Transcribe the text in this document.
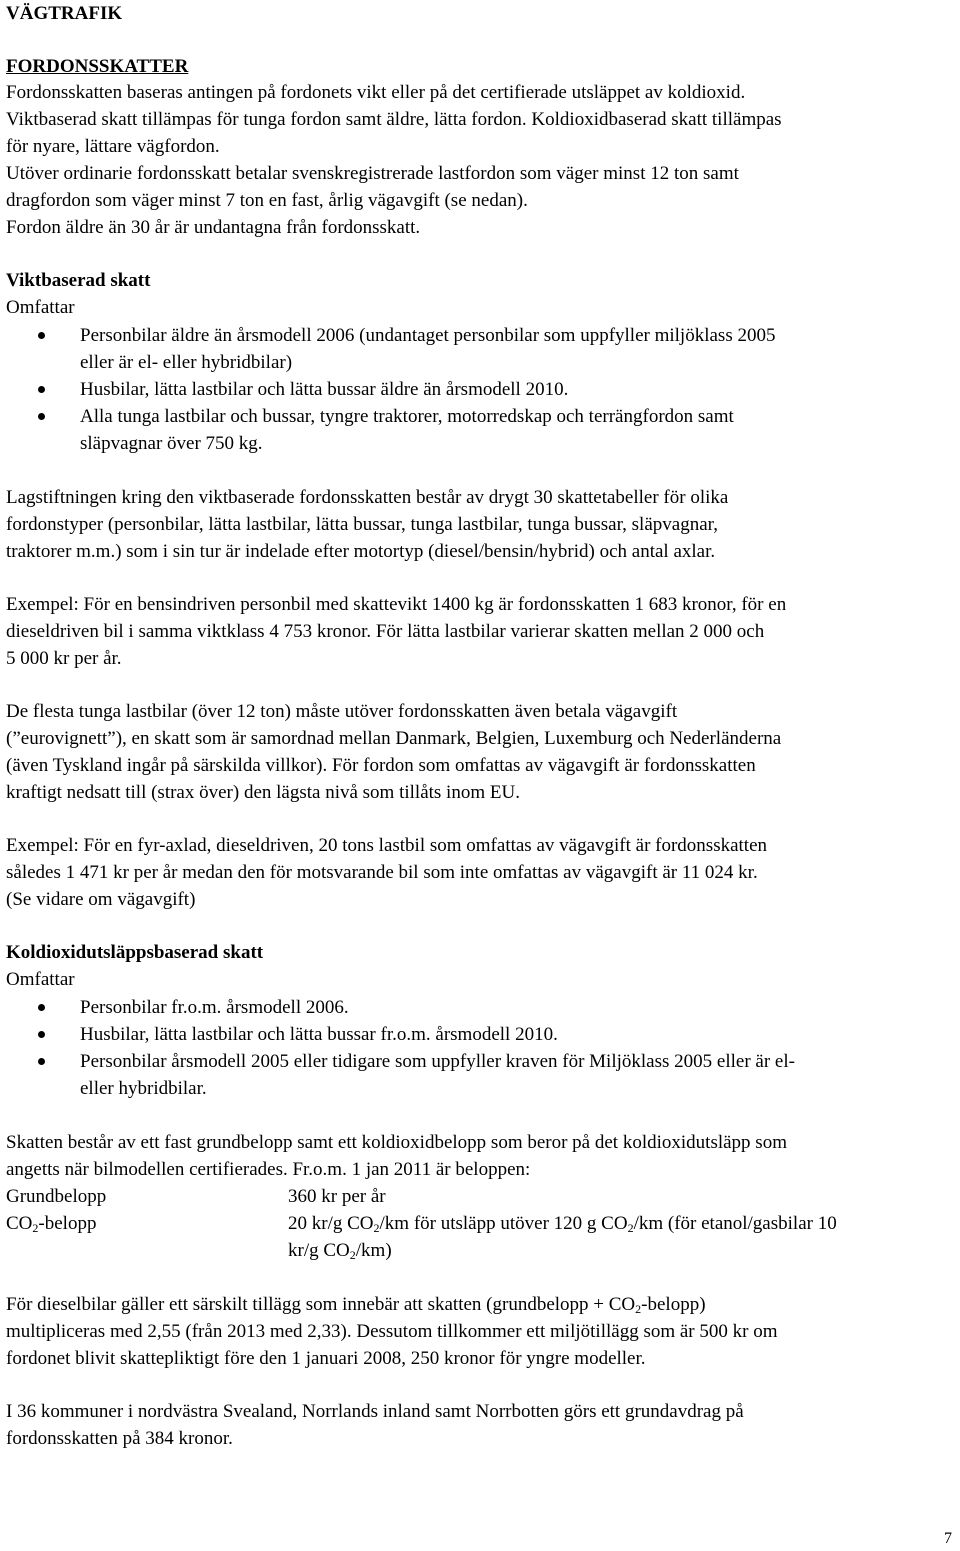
VÄGTRAFIK
FORDONSSKATTER
Fordonsskatten baseras antingen på fordonets vikt eller på det certifierade utsläppet av koldioxid.
Viktbaserad skatt tillämpas för tunga fordon samt äldre, lätta fordon. Koldioxidbaserad skatt tillämpas
för nyare, lättare vägfordon.
Utöver ordinarie fordonsskatt betalar svenskregistrerade lastfordon som väger minst 12 ton samt
dragfordon som väger minst 7 ton en fast, årlig vägavgift (se nedan).
Fordon äldre än 30 år är undantagna från fordonsskatt.
Viktbaserad skatt
Omfattar
Personbilar äldre än årsmodell 2006 (undantaget personbilar som uppfyller miljöklass 2005
eller är el- eller hybridbilar)
Husbilar, lätta lastbilar och lätta bussar äldre än årsmodell 2010.
Alla tunga lastbilar och bussar, tyngre traktorer, motorredskap och terrängfordon samt
släpvagnar över 750 kg.
Lagstiftningen kring den viktbaserade fordonsskatten består av drygt 30 skattetabeller för olika
fordonstyper (personbilar, lätta lastbilar, lätta bussar, tunga lastbilar, tunga bussar, släpvagnar,
traktorer m.m.) som i sin tur är indelade efter motortyp (diesel/bensin/hybrid) och antal axlar.
Exempel: För en bensindriven personbil med skattevikt 1400 kg är fordonsskatten 1 683 kronor, för en
dieseldriven bil i samma viktklass 4 753 kronor. För lätta lastbilar varierar skatten mellan 2 000 och
5 000 kr per år.
De flesta tunga lastbilar (över 12 ton) måste utöver fordonsskatten även betala vägavgift
(”eurovignett”), en skatt som är samordnad mellan Danmark, Belgien, Luxemburg och Nederländerna
(även Tyskland ingår på särskilda villkor). För fordon som omfattas av vägavgift är fordonsskatten
kraftigt nedsatt till (strax över) den lägsta nivå som tillåts inom EU.
Exempel: För en fyr-axlad, dieseldriven, 20 tons lastbil som omfattas av vägavgift är fordonsskatten
således 1 471 kr per år medan den för motsvarande bil som inte omfattas av vägavgift är 11 024 kr.
(Se vidare om vägavgift)
Koldioxidutsläppsbaserad skatt
Omfattar
Personbilar fr.o.m. årsmodell 2006.
Husbilar, lätta lastbilar och lätta bussar fr.o.m. årsmodell 2010.
Personbilar årsmodell 2005 eller tidigare som uppfyller kraven för Miljöklass 2005 eller är el-
eller hybridbilar.
Skatten består av ett fast grundbelopp samt ett koldioxidbelopp som beror på det koldioxidutsläpp som
angetts när bilmodellen certifierades. Fr.o.m. 1 jan 2011 är beloppen:
Grundbelopp	360 kr per år
$CO_2$-belopp	20 kr/g $CO_2/km$ för utsläpp utöver 120 g $CO_2/km$ (för etanol/gasbilar 10
kr/g $CO_2/km$)
För dieselbilar gäller ett särskilt tillägg som innebär att skatten (grundbelopp + $CO_2-belopp$)
multipliceras med 2,55 (från 2013 med 2,33). Dessutom tillkommer ett miljötillägg som är 500 kr om
fordonet blivit skattepliktigt före den 1 januari 2008, 250 kronor för yngre modeller.
I 36 kommuner i nordvästra Svealand, Norrlands inland samt Norrbotten görs ett grundavdrag på
fordonsskatten på 384 kronor.
7
